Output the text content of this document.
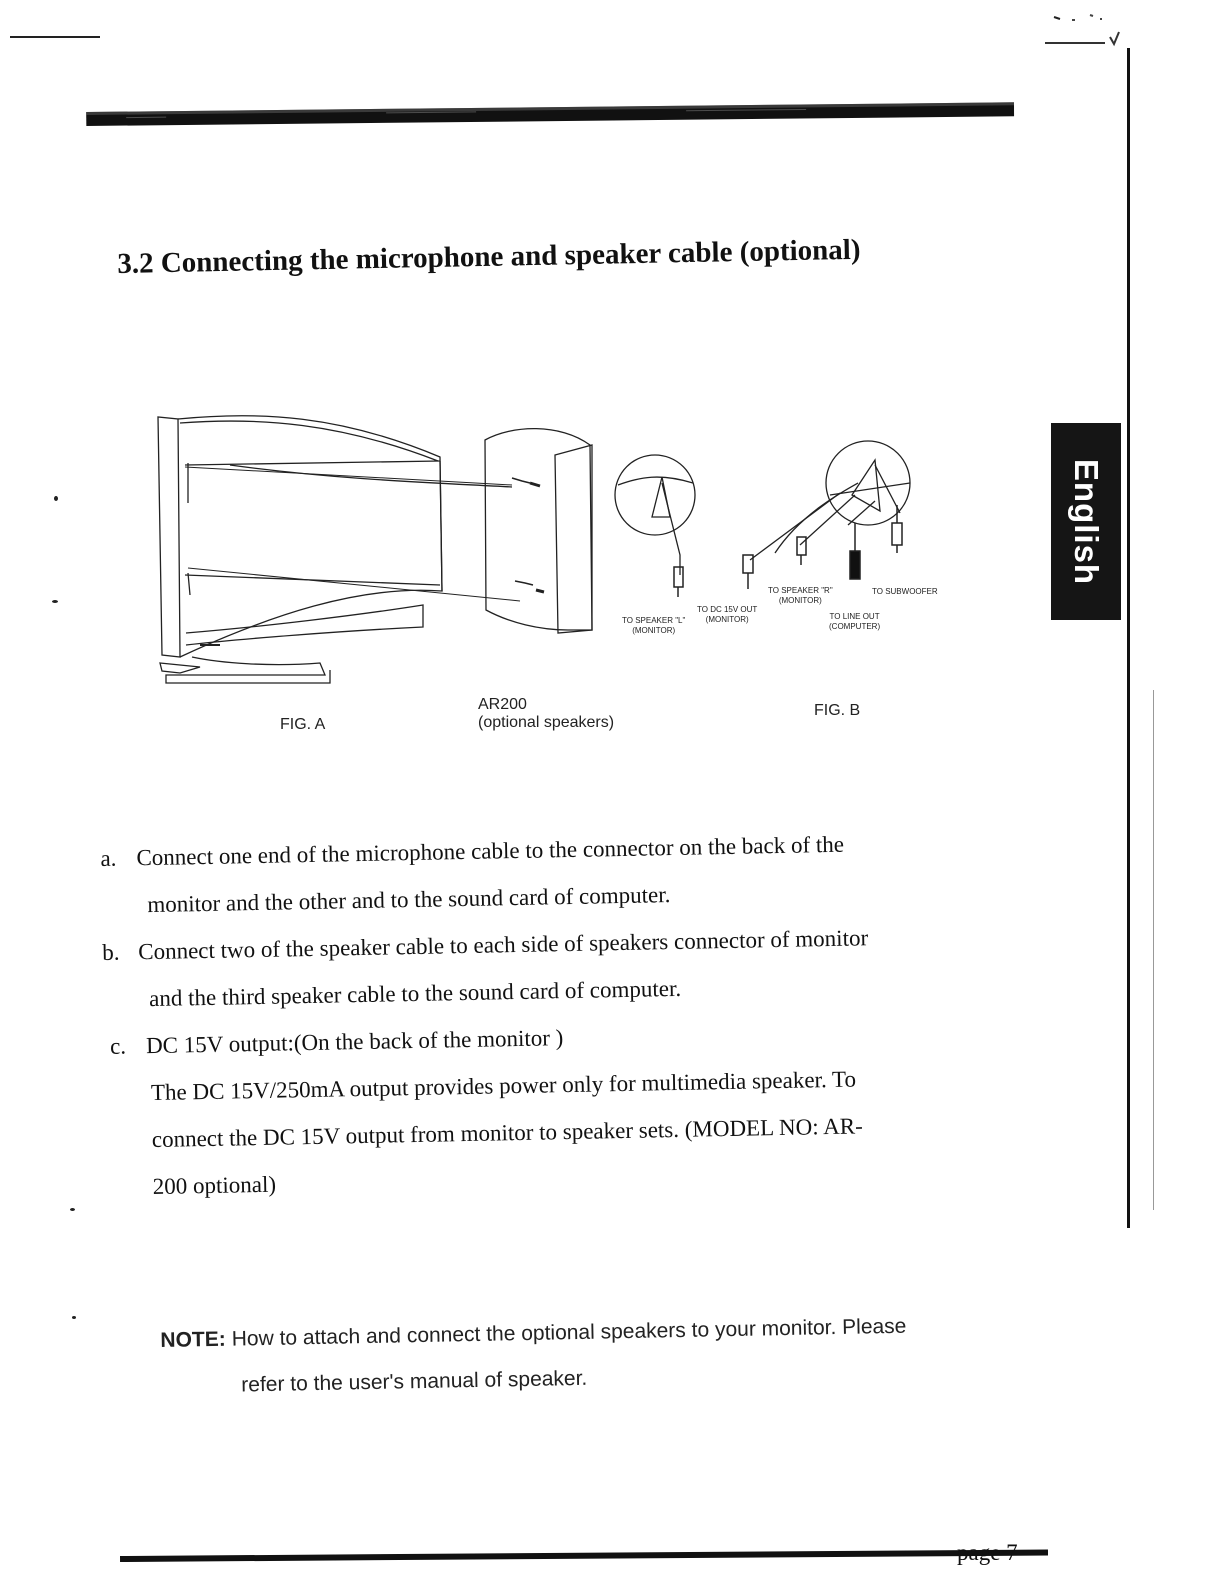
3.2 Connecting the microphone and speaker cable (optional)
English
TO SPEAKER "L"
(MONITOR)
TO DC 15V OUT
(MONITOR)
TO SPEAKER "R"
(MONITOR)
TO LINE OUT
(COMPUTER)
TO SUBWOOFER
FIG. A
AR200
(optional speakers)
FIG. B
a. Connect one end of the microphone cable to the connector on the back of the
monitor and the other and to the sound card of computer.
b. Connect two of the speaker cable to each side of speakers connector of monitor
and the third speaker cable to the sound card of computer.
c. DC 15V output:(On the back of the monitor )
The DC 15V/250mA output provides power only for multimedia speaker. To
connect the DC 15V output from monitor to speaker sets. (MODEL NO: AR-
200 optional)
NOTE: How to attach and connect the optional speakers to your monitor. Please
refer to the user's manual of speaker.
page 7
